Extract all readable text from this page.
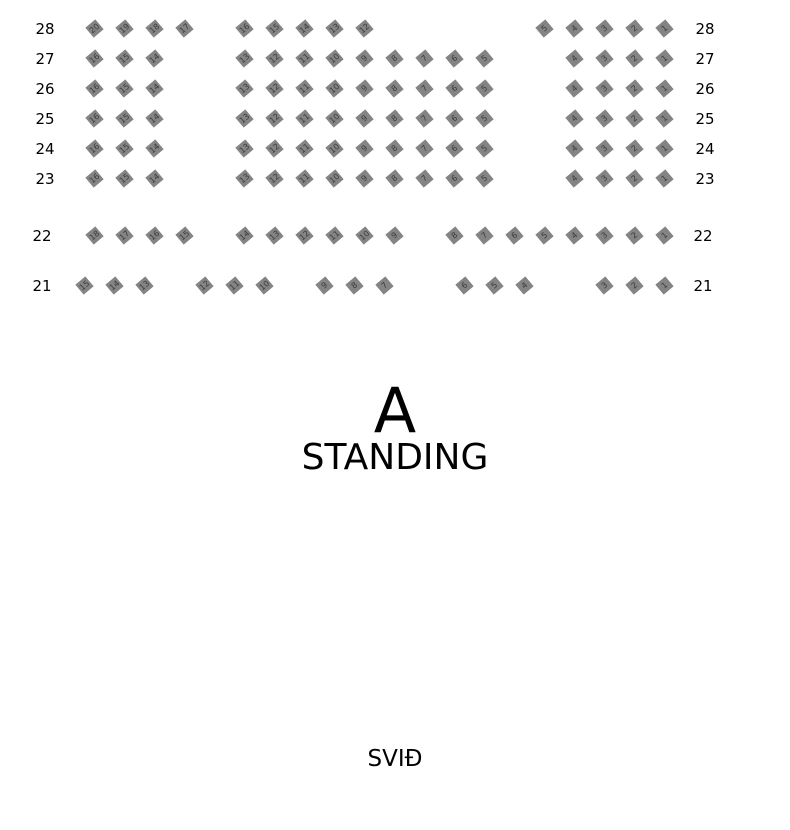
28	28
20 19 18 17	16 15 14 13 12	5	4	3	2	1
27	27
16 15 14	13 12 11 10	9	8	7	6	5	4	3	2	1
26	26
16 15 14	13 12 11 10	9	8	7	6	5	4	3	2	1
25	25
16 15 14	13 12 11 10	9	8	7	6	5	4	3	2	1
24	24
16 15 14	13 12 11 10	9	8	7	6	5	4	3	2	1
23	23
16 15 14	13 12 11 10	9	8	7	6	5	4	3	2	1
22	22
18 17 16 15	14 13 12 11 10	9	8	7	6	5	4	3	2	1
21	21
15 14 13	12 11 10	9	8	7	6	5	4	3	2	1
A
STANDING
SVIĐ
